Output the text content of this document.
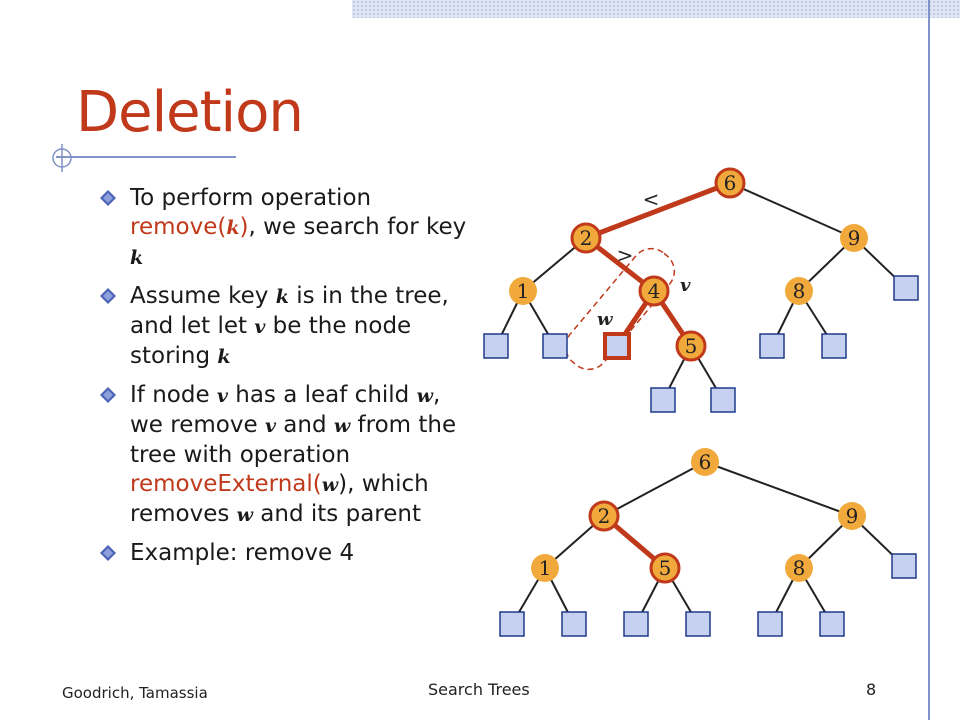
Deletion
To perform operation remove(k), we search for key k
Assume key k is in the tree, and let let v be the node storing k
If node v has a leaf child w, we remove v and w from the tree with operation removeExternal(w), which removes w and its parent
Example: remove 4
6
2	9
1	4	8
5
<
>
v
w
6
2	9
1	5	8
Goodrich, Tamassia	Search Trees	8
